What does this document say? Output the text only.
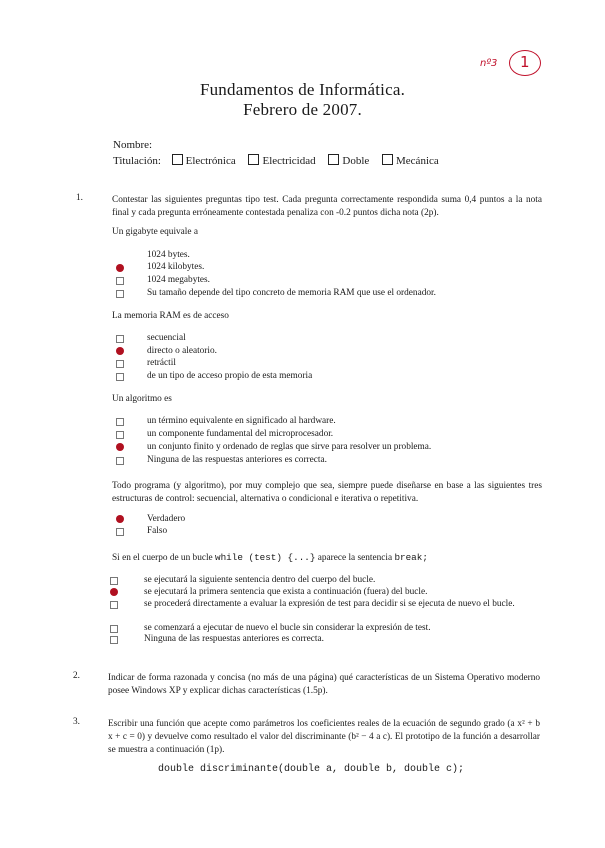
nº3 1
Fundamentos de Informática.
Febrero de 2007.
Nombre:
Titulación: Electrónica Electricidad Doble Mecánica
1.	Contestar las siguientes preguntas tipo test. Cada pregunta correctamente respondida suma 0,4 puntos a la nota final y cada pregunta erróneamente contestada penaliza con -0.2 puntos dicha nota (2p).
Un gigabyte equivale a
1024 bytes.
1024 kilobytes.
1024 megabytes.
Su tamaño depende del tipo concreto de memoria RAM que use el ordenador.
La memoria RAM es de acceso
secuencial
directo o aleatorio.
retráctil
de un tipo de acceso propio de esta memoria
Un algoritmo es
un término equivalente en significado al hardware.
un componente fundamental del microprocesador.
un conjunto finito y ordenado de reglas que sirve para resolver un problema.
Ninguna de las respuestas anteriores es correcta.
Todo programa (y algoritmo), por muy complejo que sea, siempre puede diseñarse en base a las siguientes tres estructuras de control: secuencial, alternativa o condicional e iterativa o repetitiva.
Verdadero
Falso
Si en el cuerpo de un bucle while (test) {...} aparece la sentencia break;
se ejecutará la siguiente sentencia dentro del cuerpo del bucle.
se ejecutará la primera sentencia que exista a continuación (fuera) del bucle.
se procederá directamente a evaluar la expresión de test para decidir si se ejecuta de nuevo el bucle.
se comenzará a ejecutar de nuevo el bucle sin considerar la expresión de test.
Ninguna de las respuestas anteriores es correcta.
2.	Indicar de forma razonada y concisa (no más de una página) qué características de un Sistema Operativo moderno posee Windows XP y explicar dichas características (1.5p).
3.	Escribir una función que acepte como parámetros los coeficientes reales de la ecuación de segundo grado (a x² + b x + c = 0) y devuelve como resultado el valor del discriminante (b² − 4 a c). El prototipo de la función a desarrollar se muestra a continuación (1p).
double discriminante(double a, double b, double c);
